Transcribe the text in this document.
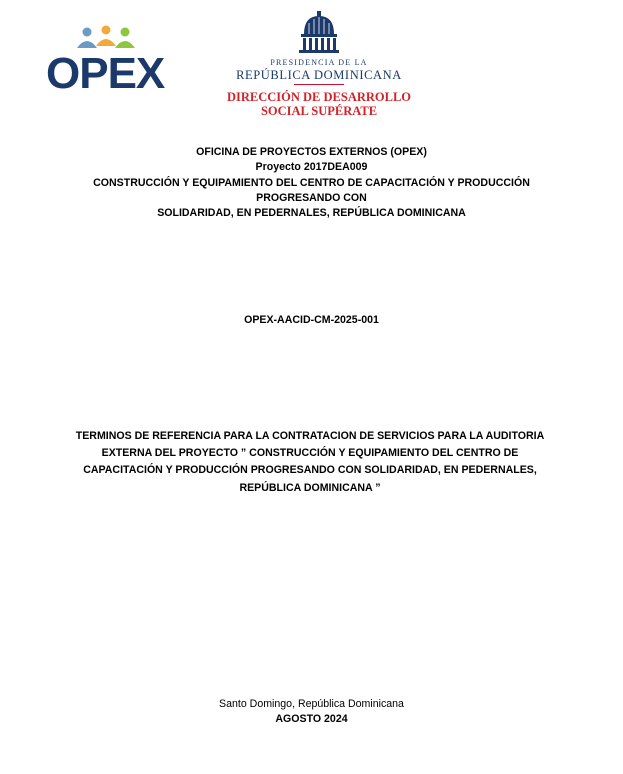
OPEX	PRESIDENCIA DE LA
REPÚBLICA DOMINICANA
DIRECCIÓN DE DESARROLLO
SOCIAL SUPÉRATE
OFICINA DE PROYECTOS EXTERNOS (OPEX)
Proyecto 2017DEA009
CONSTRUCCIÓN Y EQUIPAMIENTO DEL CENTRO DE CAPACITACIÓN Y PRODUCCIÓN
PROGRESANDO CON
SOLIDARIDAD, EN PEDERNALES, REPÚBLICA DOMINICANA
OPEX-AACID-CM-2025-001
TERMINOS DE REFERENCIA PARA LA CONTRATACION DE SERVICIOS PARA LA AUDITORIA
EXTERNA DEL PROYECTO ” CONSTRUCCIÓN Y EQUIPAMIENTO DEL CENTRO DE
CAPACITACIÓN Y PRODUCCIÓN PROGRESANDO CON SOLIDARIDAD, EN PEDERNALES,
REPÚBLICA DOMINICANA ”
Santo Domingo, República Dominicana
AGOSTO 2024
